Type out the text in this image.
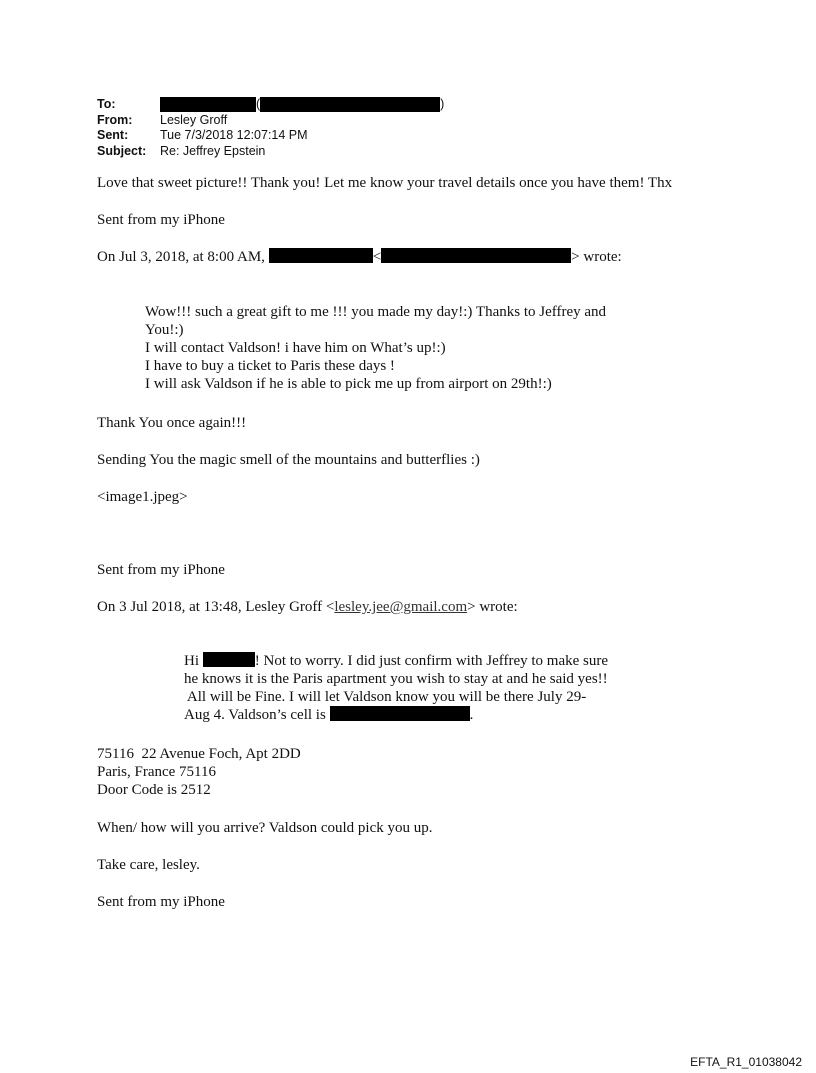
To:	(	)
From:	Lesley Groff
Sent:	Tue 7/3/2018 12:07:14 PM
Subject:	Re: Jeffrey Epstein
Love that sweet picture!! Thank you! Let me know your travel details once you have them! Thx
Sent from my iPhone
On Jul 3, 2018, at 8:00 AM,	<	> wrote:
Wow!!! such a great gift to me !!! you made my day!:) Thanks to Jeffrey and
You!:)
I will contact Valdson! i have him on What’s up!:)
I have to buy a ticket to Paris these days !
I will ask Valdson if he is able to pick me up from airport on 29th!:)
Thank You once again!!!
Sending You the magic smell of the mountains and butterflies :)
<image1.jpeg>
Sent from my iPhone
On 3 Jul 2018, at 13:48, Lesley Groff <lesley.jee@gmail.com> wrote:
Hi	! Not to worry. I did just confirm with Jeffrey to make sure
he knows it is the Paris apartment you wish to stay at and he said yes!!
All will be Fine. I will let Valdson know you will be there July 29-
Aug 4. Valdson’s cell is	.
75116  22 Avenue Foch, Apt 2DD
Paris, France 75116
Door Code is 2512
When/ how will you arrive? Valdson could pick you up.
Take care, lesley.
Sent from my iPhone
EFTA_R1_01038042
